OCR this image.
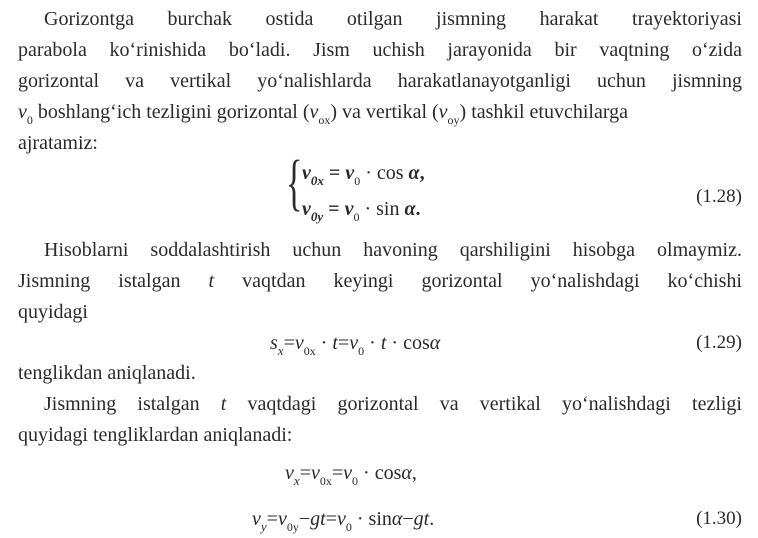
Gorizontga burchak ostida otilgan jismning harakat trayektoriyasi
parabola koʻrinishida boʻladi. Jism uchish jarayonida bir vaqtning oʻzida
gorizontal va vertikal yoʻnalishlarda harakatlanayotganligi uchun jismning
$v_0$ boshlangʻich tezligini gorizontal $(v_{ox})$ va vertikal $(v_{oy})$ tashkil etuvchilarga
ajratamiz:
{ $v_{0x} = v_0 \cdot \cos \alpha$,
$v_{0y} = v_0 \cdot \sin \alpha$.
(1.28)
Hisoblarni soddalashtirish uchun havoning qarshiligini hisobga olmaymiz.
Jismning istalgan t vaqtdan keyingi gorizontal yoʻnalishdagi koʻchishi
quyidagi
$s_x=v_{0x} \cdot t=v_0 \cdot t \cdot \cos\alpha$	(1.29)
tenglikdan aniqlanadi.
Jismning istalgan t vaqtdagi gorizontal va vertikal yoʻnalishdagi tezligi
quyidagi tengliklardan aniqlanadi:
$v_x=v_{0x}=v_0 \cdot \cos\alpha$,
$v_y=v_{0y}-gt=v_0 \cdot \sin\alpha-gt$.	(1.30)
